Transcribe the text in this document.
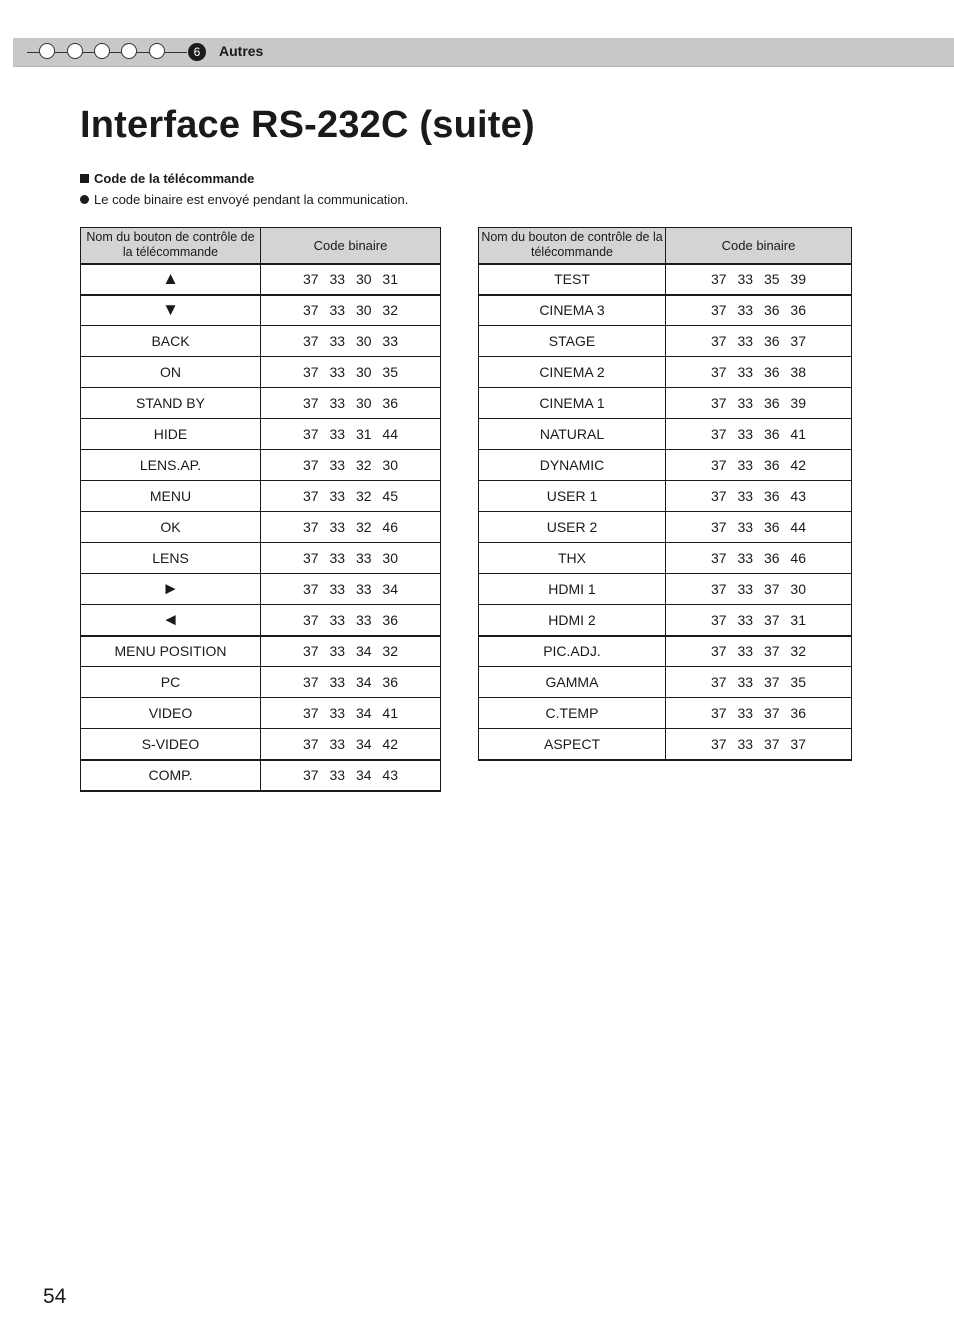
6	Autres
Interface RS-232C (suite)
Code de la télécommande
Le code binaire est envoyé pendant la communication.
Nom du bouton de contrôle de la télécommande	Code binaire
▲	37 33 30 31
▼	37 33 30 32
BACK	37 33 30 33
ON	37 33 30 35
STAND BY	37 33 30 36
HIDE	37 33 31 44
LENS.AP.	37 33 32 30
MENU	37 33 32 45
OK	37 33 32 46
LENS	37 33 33 30
►	37 33 33 34
◄	37 33 33 36
MENU POSITION	37 33 34 32
PC	37 33 34 36
VIDEO	37 33 34 41
S-VIDEO	37 33 34 42
COMP.	37 33 34 43
Nom du bouton de contrôle de la télécommande	Code binaire
TEST	37 33 35 39
CINEMA 3	37 33 36 36
STAGE	37 33 36 37
CINEMA 2	37 33 36 38
CINEMA 1	37 33 36 39
NATURAL	37 33 36 41
DYNAMIC	37 33 36 42
USER 1	37 33 36 43
USER 2	37 33 36 44
THX	37 33 36 46
HDMI 1	37 33 37 30
HDMI 2	37 33 37 31
PIC.ADJ.	37 33 37 32
GAMMA	37 33 37 35
C.TEMP	37 33 37 36
ASPECT	37 33 37 37
54
